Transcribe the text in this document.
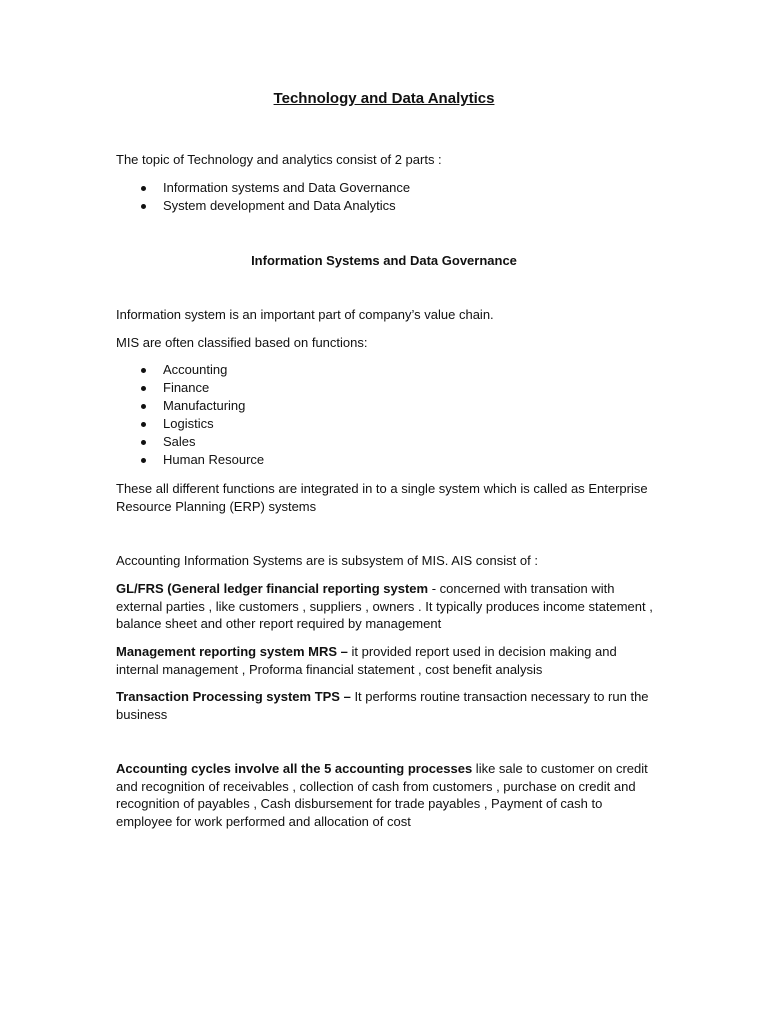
Technology and Data Analytics

The topic of Technology and analytics consist of 2 parts :

Information systems and Data Governance
System development and Data Analytics
Information Systems and Data Governance

Information system is an important part of company’s value chain.

MIS are often classified based on functions:

Accounting
Finance
Manufacturing
Logistics
Sales
Human Resource

These all different functions are integrated in to a single system which is called as Enterprise Resource Planning (ERP) systems

Accounting Information Systems are is subsystem of MIS. AIS consist of :

GL/FRS (General ledger financial reporting system - concerned with transation with external parties , like customers , suppliers , owners . It typically produces income statement , balance sheet and other report required by management

Management reporting system MRS – it provided report used in decision making and internal management , Proforma financial statement , cost benefit analysis

Transaction Processing system TPS – It performs routine transaction necessary to run the business

Accounting cycles involve all the 5 accounting processes like sale to customer on credit and recognition of receivables , collection of cash from customers , purchase on credit and recognition of payables , Cash disbursement for trade payables , Payment of cash to employee for work performed and allocation of cost
